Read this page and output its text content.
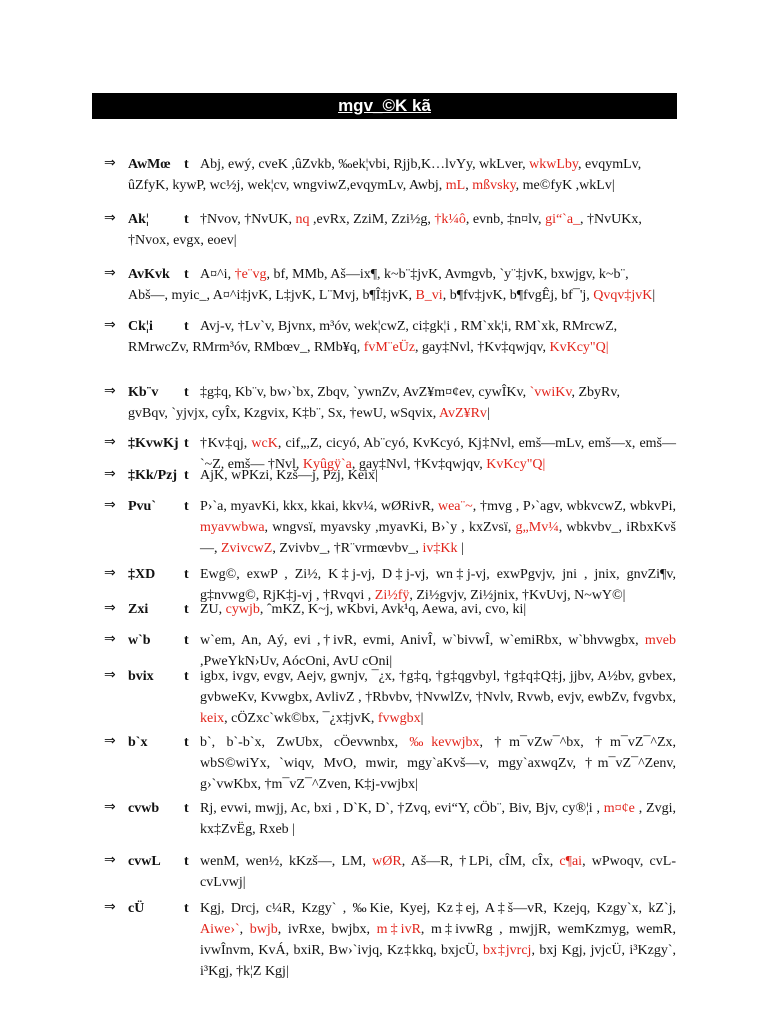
mgv_©K kã
⇒ AwMœ t Abj, ewý, cveK ,ûZvkb, ‰ek¦vbi, Rjjb,K…lvYy, wkLver, wkwLby, evqymLv,
ûZfyK, kywP, wc½j, wek¦cv, wngviwZ,evqymLv, Awbj, mL, mßvsky, me©fyK ,wkLv|
⇒ Ak¦	t †Nvov, †NvUK, nq ,evRx, ZziM, Zzi½g, †k¼ô, evnb, ‡n¤lv, gi“`a_, †NvUKx,
†Nvox, evgx, eoev|
⇒ AvKvk t A¤^i, †e¨vg, bf, MMb, Aš—ix¶, k~b¨‡jvK, Avmgvb, `y¨‡jvK, bxwjgv, k~b¨,
Abš—, myic_, A¤^i‡jvK, L‡jvK, L¨Mvj, b¶Î‡jvK, B_vi, b¶fv‡jvK, b¶fvgÊj, bf¯'j, Qvqv‡jvK|
⇒ Ck¦i t Avj-v, †Lv`v, Bjvnx, m³óv, wek¦cwZ, ci‡gk¦i , RM`xk¦i, RM`xk, RMrcwZ,
RMrwcZv, RMrm³óv, RMbœv_, RMb¥q, fvM¨eÜz, gay‡Nvl, †Kv‡qwjqv, KvKcy"Q|
⇒ Kb¨v t ‡g‡q, Kb¨v, bw›`bx, Zbqv, `ywnZv, AvZ¥m¤¢ev, cywÎKv, `vwiKv, ZbyRv,
gvBqv, `yjvjx, cyÎx, Kzgvix, K‡b¨, Sx, †ewU, wSqvix, AvZ¥Rv|
⇒ ‡KvwKj t †Kv‡qj, wcK, cif„,Z, cicyó, Ab¨cyó, KvKcyó, Kj‡Nvl, emš—mLv, emš—x, emš—`~Z, emš— †Nvl, Kyûgÿ`a, gay‡Nvl, †Kv‡qwjqv, KvKcy"Q|
⇒ ‡Kk/Pzj t AjK, wPKzi, Kzš—j, Pzj, Keix|
⇒ Pvu` t P›`a, myavKi, kkx, kkai, kkv¼, wØRivR, wea¨~, †mvg , P›`agv, wbkvcwZ, wbkvPi, myavwbwa, wngvsï, myavsky ,myavKi, B›`y , kxZvsï, g„Mv¼, wbkvbv_, iRbxKvš—, ZvivcwZ, Zvivbv_, †R¨vrmœvbv_, iv‡Kk |
⇒ ‡XD t Ewg©, exwP , Zi½, K‡j-vj, D‡j-vj, wn‡j-vj, exwPgvjv, jni , jnix, gnvZi¶v, g‡nvwg©, RjK‡j-vj , †Rvqvi , Zi½fÿ, Zi½gvjv, Zi½jnix, †KvUvj, N~wY©|
⇒ Zxi	t ZU, cywjb, ˆmKZ, K~j, wKbvi, Avk¹q, Aewa, avi, cvo, ki|
⇒ w`b t w`em, An, Aý, evi ,†ivR, evmi, AnivÎ, w`bivwÎ, w`emiRbx, w`bhvwgbx, mveb ,PweYkN›Uv, AócOni, AvU cOni|
⇒ bvix t igbx, ivgv, evgv, Aejv, gwnjv, ¯¿x, †g‡q, †g‡qgvbyl, †g‡q‡Q‡j, jjbv, A½bv, gvbex, gvbweKv, Kvwgbx, AvlivZ , †Rbvbv, †NvwlZv, †Nvlv, Rvwb, evjv, ewbZv, fvgvbx, keix, cÖZxc`wk©bx, ¯¿x‡jvK, fvwgbx|
⇒ b`x	t b`, b`-b`x, ZwUbx, cÖevwnbx, ‰kevwjbx, †m¯vZw¯^bx, †m¯vZ¯^Zx, wbS©wiYx, `wiqv, MvO, mwir, mgy`aKvš—v, mgy`axwqZv, †m¯vZ¯^Zenv, g›`vwKbx, †m¯vZ¯^Zven, K‡j-vwjbx|
⇒ cvwb t Rj, evwi, mwjj, Ac, bxi , D`K, D`, †Zvq, evi“Y, cÖb¨, Biv, Bjv, cy®¦i , m¤¢e , Zvgi, kx‡ZvËg, Rxeb |
⇒ cvwL t wenM, wen½, kKzš—, LM, wØR, Aš—R, †LPi, cÎM, cÎx, c¶ai, wPwoqv, cvL-cvLvwj|
⇒ cÜ	t Kgj, Drcj, c¼R, Kzgy` , ‰Kie, Kyej, Kz‡ej, A‡š—vR, Kzejq, Kzgy`x, kZ`j, Aiwe›`, bwjb, ivRxe, bwjbx, m‡ivR, m‡ivwRg , mwjjR, wemKzmyg, wemR, ivwÎnvm, KvÁ, bxiR, Bw›`ivjq, Kz‡kkq, bxjcÜ, bx‡jvrcj, bxj Kgj, jvjcÜ, i³Kzgy`, i³Kgj, †k¦Z Kgj|
